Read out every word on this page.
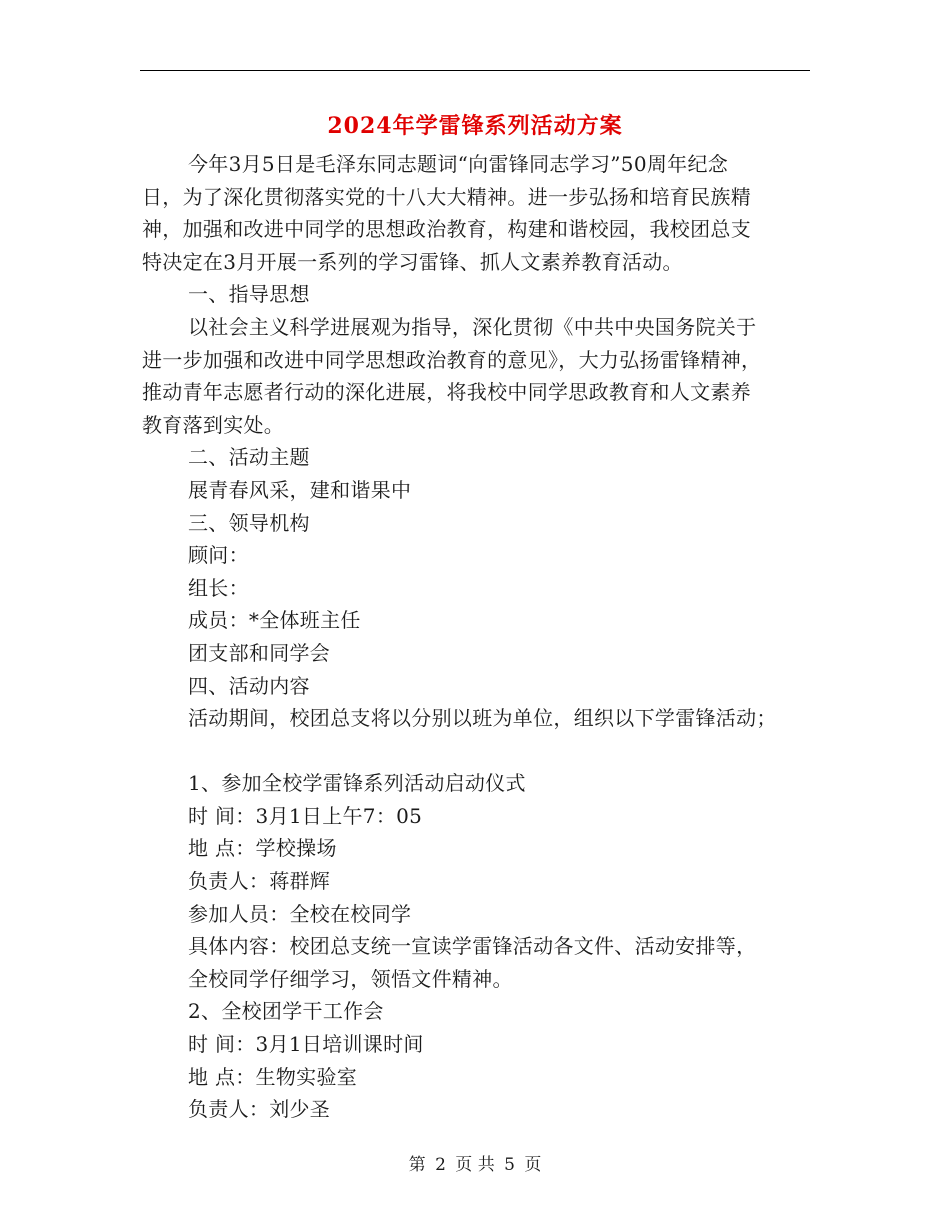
2024年学雷锋系列活动方案

今年3月5日是毛泽东同志题词“向雷锋同志学习”50周年纪念

日，为了深化贯彻落实党的十八大大精神。进一步弘扬和培育民族精

神，加强和改进中同学的思想政治教育，构建和谐校园，我校团总支

特决定在3月开展一系列的学习雷锋、抓人文素养教育活动。

一、指导思想

以社会主义科学进展观为指导，深化贯彻《中共中央国务院关于

进一步加强和改进中同学思想政治教育的意见》，大力弘扬雷锋精神，

推动青年志愿者行动的深化进展，将我校中同学思政教育和人文素养

教育落到实处。

二、活动主题

展青春风采，建和谐果中

三、领导机构

顾问：

组长：

成员：*全体班主任

团支部和同学会

四、活动内容

活动期间，校团总支将以分别以班为单位，组织以下学雷锋活动；

1、参加全校学雷锋系列活动启动仪式

时 间：3月1日上午7：05

地 点：学校操场

负责人：蒋群辉

参加人员：全校在校同学

具体内容：校团总支统一宣读学雷锋活动各文件、活动安排等，

全校同学仔细学习，领悟文件精神。

2、全校团学干工作会

时 间：3月1日培训课时间

地 点：生物实验室

负责人：刘少圣

第 2 页 共 5 页
